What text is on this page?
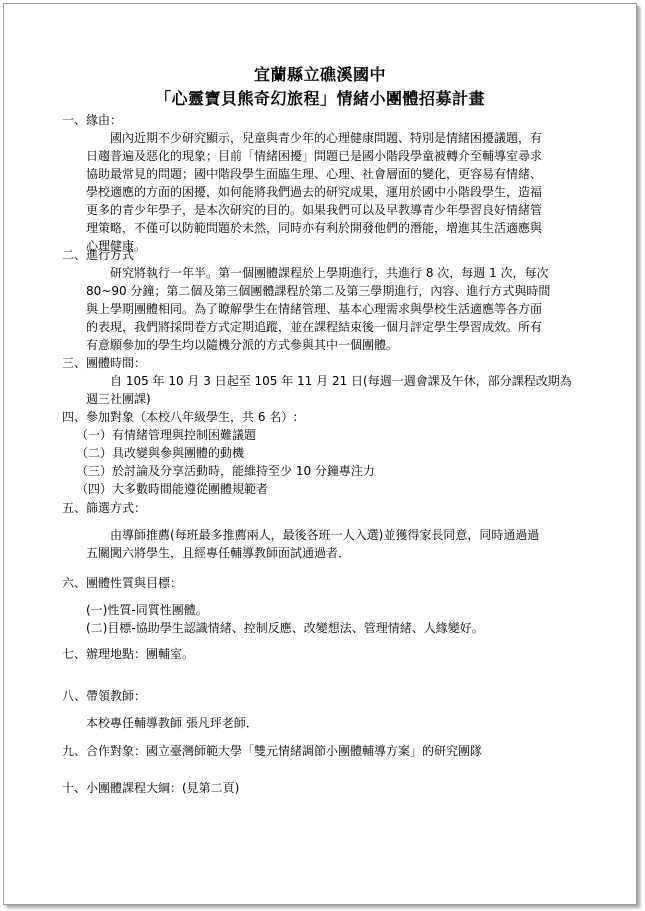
宜蘭縣立礁溪國中
「心靈寶貝熊奇幻旅程」情緒小團體招募計畫
一、緣由：
國內近期不少研究顯示，兒童與青少年的心理健康問題、特別是情緒困擾議題，有
日趨普遍及惡化的現象；目前「情緒困擾」問題已是國小階段學童被轉介至輔導室尋求
協助最常見的問題；國中階段學生面臨生理、心理、社會層面的變化，更容易有情緒、
學校適應的方面的困擾，如何能將我們過去的研究成果，運用於國中小階段學生，造福
更多的青少年學子，是本次研究的目的。如果我們可以及早教導青少年學習良好情緒管
理策略，不僅可以防範問題於未然，同時亦有利於開發他們的潛能，增進其生活適應與
心理健康。
二、進行方式
研究將執行一年半。第一個團體課程於上學期進行，共進行 8 次，每週 1 次，每次
80~90 分鐘；第二個及第三個團體課程於第二及第三學期進行，內容、進行方式與時間
與上學期團體相同。為了瞭解學生在情緒管理、基本心理需求與學校生活適應等各方面
的表現，我們將採問卷方式定期追蹤，並在課程結束後一個月評定學生學習成效。所有
有意願參加的學生均以隨機分派的方式參與其中一個團體。
三、團體時間：
自 105 年 10 月 3 日起至 105 年 11 月 21 日(每週一週會課及午休，部分課程改期為
週三社團課)
四、參加對象（本校八年級學生，共 6 名）:
（一）有情緒管理與控制困難議題
（二）具改變與參與團體的動機
（三）於討論及分享活動時，能維持至少 10 分鐘專注力
（四）大多數時間能遵從團體規範者
五、篩選方式：
由導師推薦(每班最多推薦兩人，最後各班一人入選)並獲得家長同意，同時通過過
五關闖六將學生，且經專任輔導教師面試通過者．
六、團體性質與目標：
(一)性質-同質性團體。
(二)目標-協助學生認識情緒、控制反應、改變想法、管理情緒、人緣變好。
七、辦理地點：團輔室。
八、帶領教師：
本校專任輔導教師 張凡玶老師．
九、合作對象：國立臺灣師範大學「雙元情緒調節小團體輔導方案」的研究團隊
十、小團體課程大綱：(見第二頁)
